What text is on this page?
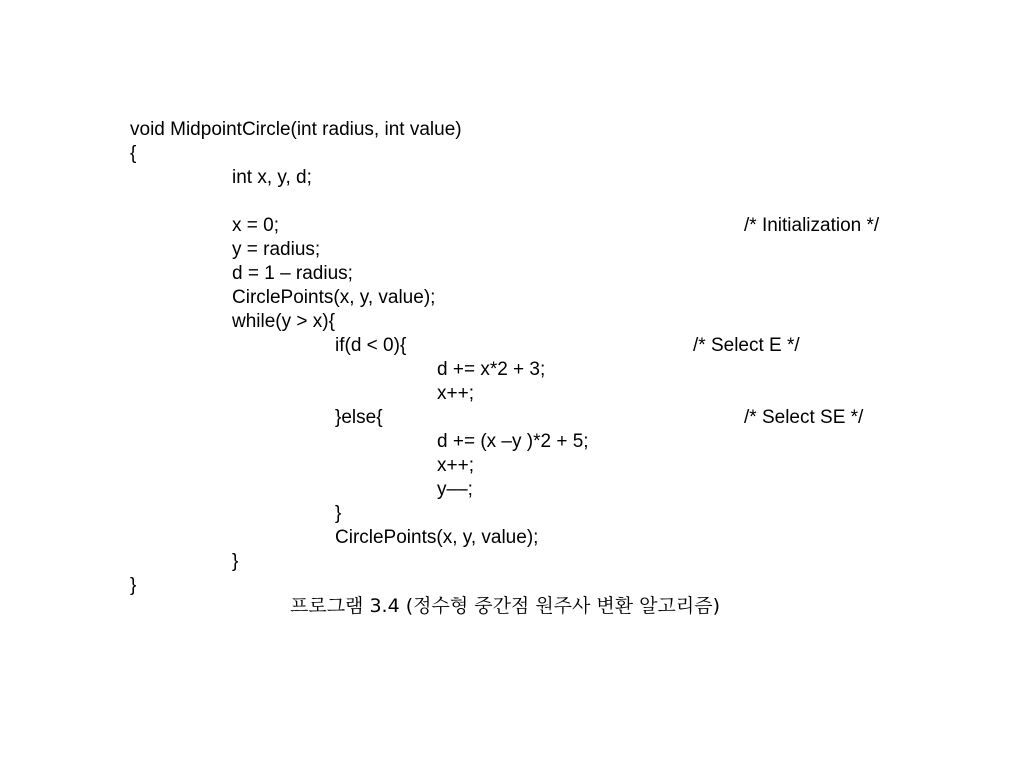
void MidpointCircle(int radius, int value)
{
int x, y, d;
x = 0;	/* Initialization */
y = radius;
d = 1 – radius;
CirclePoints(x, y, value);
while(y > x){
if(d < 0){	/* Select E */
d += x*2 + 3;
x++;
}else{	/* Select SE */
d += (x –y )*2 + 5;
x++;
y––;
}
CirclePoints(x, y, value);
}
}
프로그램 3.4 (정수형 중간점 원주사 변환 알고리즘)
